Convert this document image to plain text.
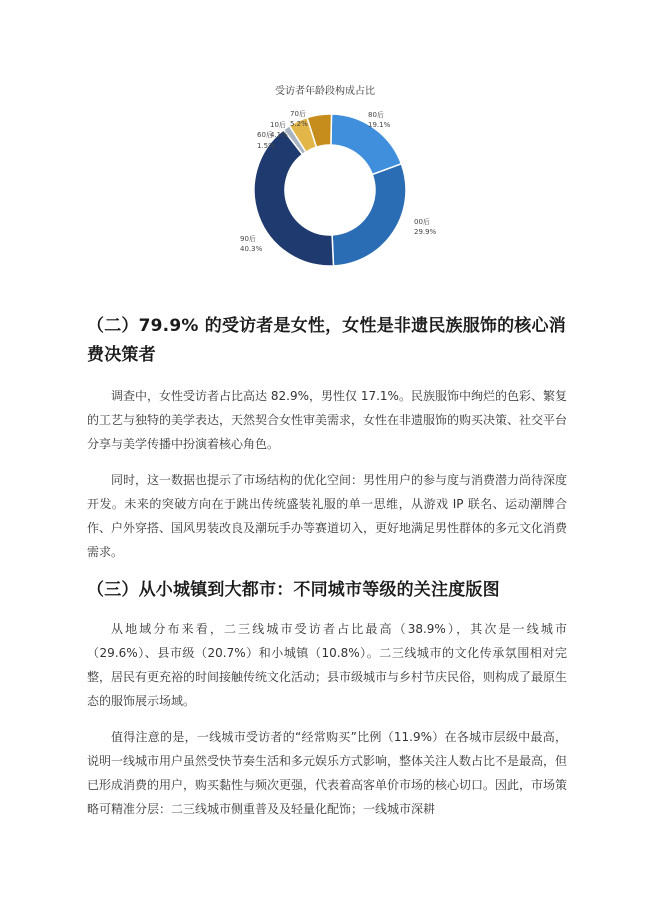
受访者年龄段构成占比
（二）79.9% 的受访者是女性，女性是非遗民族服饰的核心消费决策者

调查中，女性受访者占比高达 82.9%，男性仅 17.1%。民族服饰中绚烂的色彩、繁复的工艺与独特的美学表达，天然契合女性审美需求，女性在非遗服饰的购买决策、社交平台分享与美学传播中扮演着核心角色。

同时，这一数据也提示了市场结构的优化空间：男性用户的参与度与消费潜力尚待深度开发。未来的突破方向在于跳出传统盛装礼服的单一思维，从游戏 IP 联名、运动潮牌合作、户外穿搭、国风男装改良及潮玩手办等赛道切入，更好地满足男性群体的多元文化消费需求。

（三）从小城镇到大都市：不同城市等级的关注度版图

从地域分布来看，二三线城市受访者占比最高（38.9%），其次是一线城市（29.6%）、县市级（20.7%）和小城镇（10.8%）。二三线城市的文化传承氛围相对完整，居民有更充裕的时间接触传统文化活动；县市级城市与乡村节庆民俗，则构成了最原生态的服饰展示场域。

值得注意的是，一线城市受访者的“经常购买”比例（11.9%）在各城市层级中最高，说明一线城市用户虽然受快节奏生活和多元娱乐方式影响，整体关注人数占比不是最高，但已形成消费的用户，购买黏性与频次更强，代表着高客单价市场的核心切口。因此，市场策略可精准分层：二三线城市侧重普及及轻量化配饰；一线城市深耕

80后
19.1%
00后
29.9%
90后
40.3%
60后
1.5%
10后
4.1%
70后
5.2%
